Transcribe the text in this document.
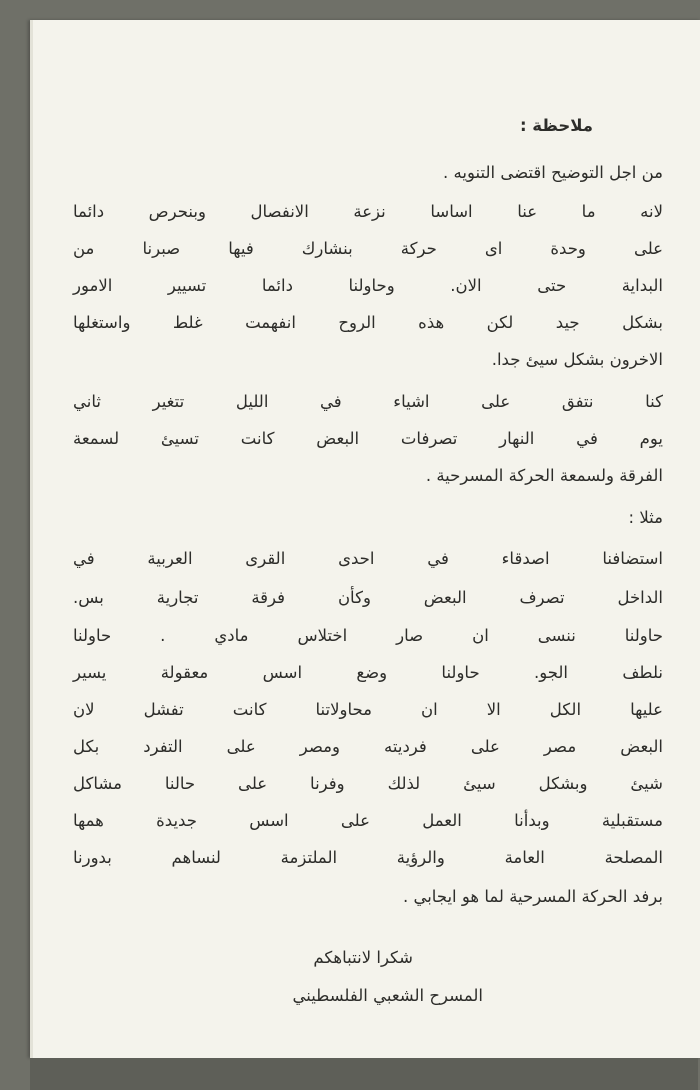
ملاحظة :
من اجل التوضيح اقتضى التنويه .
لانه ما عنا اساسا نزعة الانفصال وبنحرص دائما
على وحدة اى حركة بنشارك فيها صبرنا من
البداية حتى الان. وحاولنا دائما تسيير الامور
بشكل جيد لكن هذه الروح انفهمت غلط واستغلها
الاخرون بشكل سيئ جدا.
كنا نتفق على اشياء في الليل تتغير ثاني
يوم في النهار تصرفات البعض كانت تسيئ لسمعة
الفرقة ولسمعة الحركة المسرحية .
مثلا :
استضافنا اصدقاء في احدى القرى العربية في
الداخل تصرف البعض وكأن فرقة تجارية بس.
حاولنا ننسى ان صار اختلاس مادي . حاولنا
نلطف الجو. حاولنا وضع اسس معقولة يسير
عليها الكل الا ان محاولاتنا كانت تفشل لان
البعض مصر على فرديته ومصر على التفرد بكل
شيئ وبشكل سيئ لذلك وفرنا على حالنا مشاكل
مستقبلية وبدأنا العمل على اسس جديدة همها
المصلحة العامة والرؤية الملتزمة لنساهم بدورنا
برفد الحركة المسرحية لما هو ايجابي .
شكرا لانتباهكم
المسرح الشعبي الفلسطيني
